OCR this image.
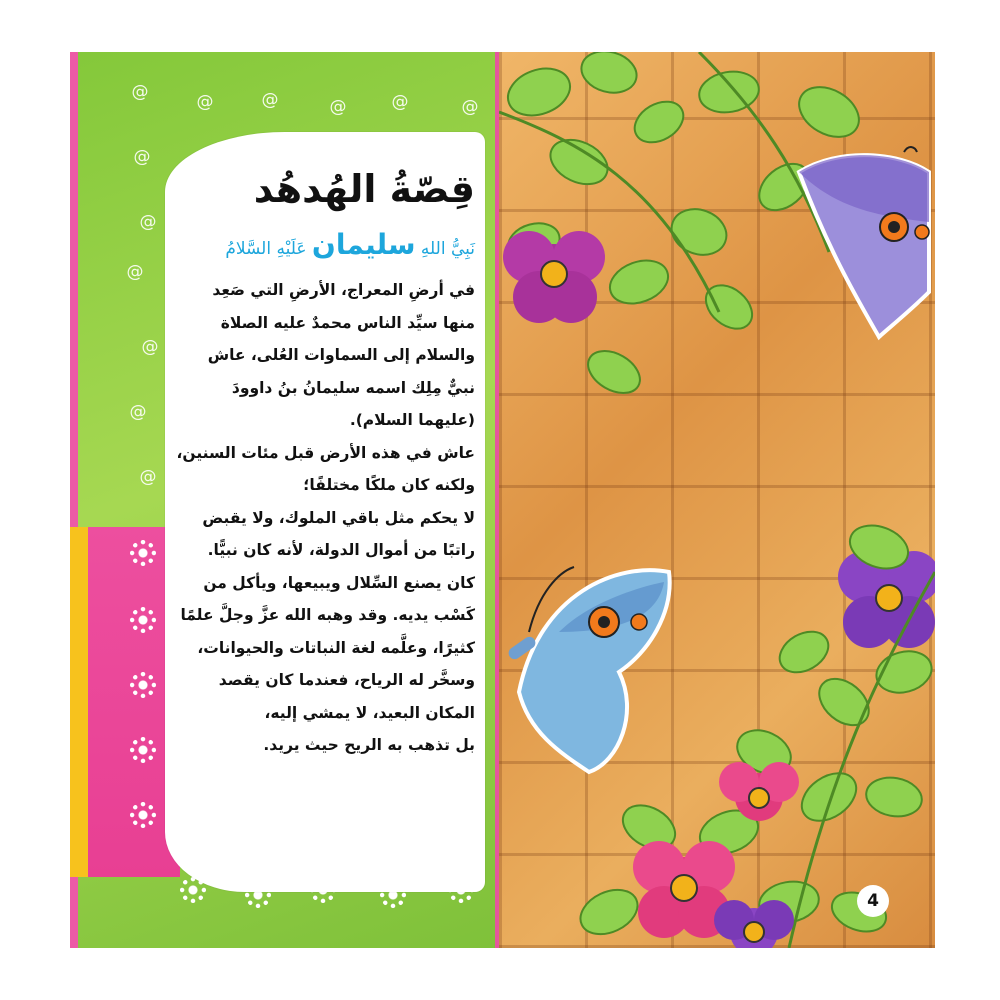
@	@	@	@	@	@
@
@
@
@
@
@
قِصّةُ الهُدهُد
نَبِيُّ اللهِ سليمان عَلَيْهِ السَّلامُ

في أرضِ المعراج، الأرضِ التي صَعِد
منها سيِّد الناس محمدٌ عليه الصلاة
والسلام إلى السماوات العُلى، عاش
نبيٌّ مِلِك اسمه سليمانُ بنُ داوودَ
(عليهما السلام).
عاش في هذه الأرض قبل مئات السنين،
ولكنه كان ملكًا مختلفًا؛
لا يحكم مثل باقي الملوك، ولا يقبض
راتبًا من أموال الدولة، لأنه كان نبيًّا.
كان يصنع السِّلال ويبيعها، ويأكل من
كَسْب يديه. وقد وهبه الله عزَّ وجلَّ علمًا
كثيرًا، وعلَّمه لغة النباتات والحيوانات،
وسخَّر له الرياح، فعندما كان يقصد
المكان البعيد، لا يمشي إليه،
بل تذهب به الريح حيث يريد.

4
